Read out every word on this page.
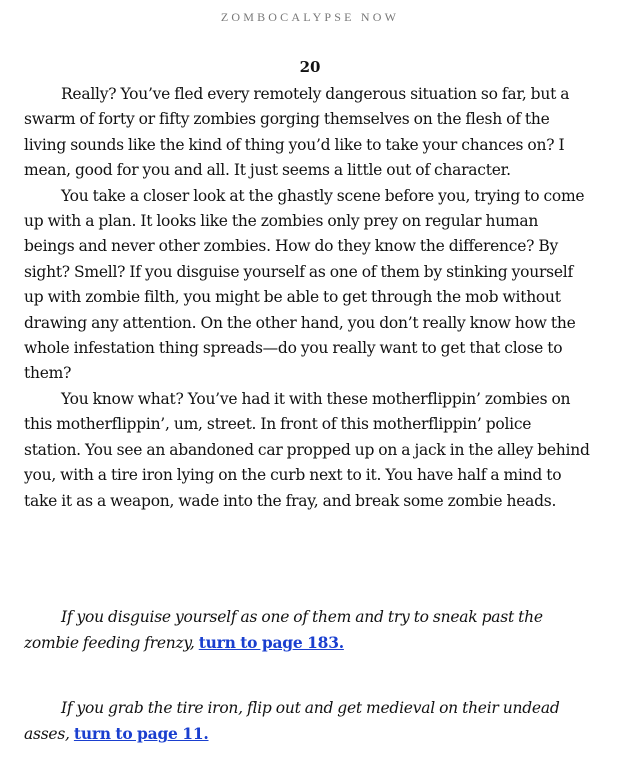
ZOMBOCALYPSE NOW
20

Really? You’ve fled every remotely dangerous situation so far, but a swarm of forty or fifty zombies gorging themselves on the flesh of the living sounds like the kind of thing you’d like to take your chances on? I mean, good for you and all. It just seems a little out of character.

You take a closer look at the ghastly scene before you, trying to come up with a plan. It looks like the zombies only prey on regular human beings and never other zombies. How do they know the difference? By sight? Smell? If you disguise yourself as one of them by stinking yourself up with zombie filth, you might be able to get through the mob without drawing any attention. On the other hand, you don’t really know how the whole infestation thing spreads—do you really want to get that close to them?

You know what? You’ve had it with these motherflippin’ zombies on this motherflippin’, um, street. In front of this motherflippin’ police station. You see an abandoned car propped up on a jack in the alley behind you, with a tire iron lying on the curb next to it. You have half a mind to take it as a weapon, wade into the fray, and break some zombie heads.

If you disguise yourself as one of them and try to sneak past the zombie feeding frenzy, turn to page 183.

If you grab the tire iron, flip out and get medieval on their undead asses, turn to page 11.
